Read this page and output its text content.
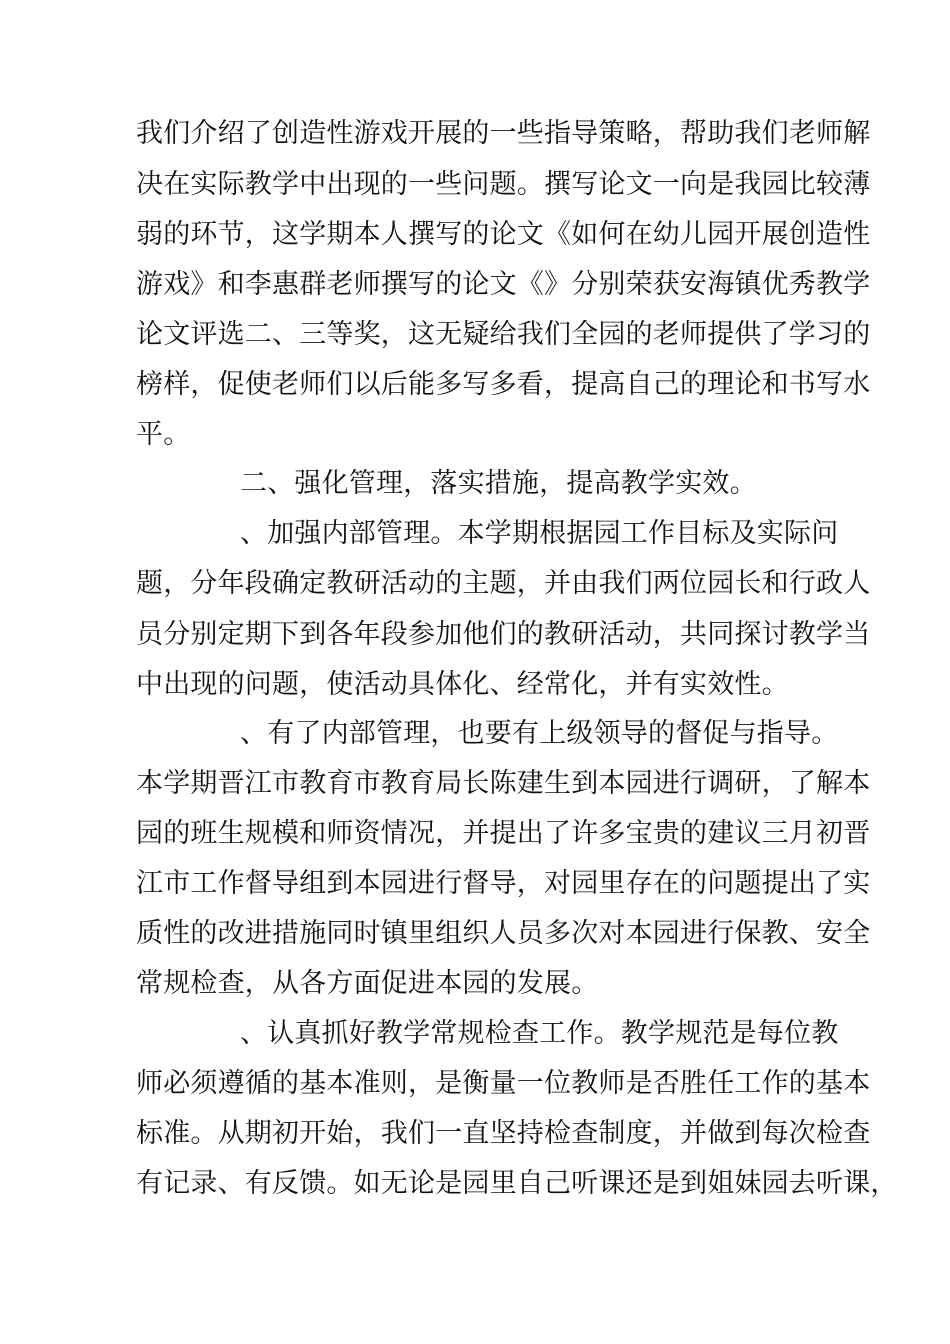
我们介绍了创造性游戏开展的一些指导策略，帮助我们老师解
决在实际教学中出现的一些问题。撰写论文一向是我园比较薄
弱的环节，这学期本人撰写的论文《如何在幼儿园开展创造性
游戏》和李惠群老师撰写的论文《》分别荣获安海镇优秀教学
论文评选二、三等奖，这无疑给我们全园的老师提供了学习的
榜样，促使老师们以后能多写多看，提高自己的理论和书写水
平。
二、强化管理，落实措施，提高教学实效。
、加强内部管理。本学期根据园工作目标及实际问
题，分年段确定教研活动的主题，并由我们两位园长和行政人
员分别定期下到各年段参加他们的教研活动，共同探讨教学当
中出现的问题，使活动具体化、经常化，并有实效性。
、有了内部管理，也要有上级领导的督促与指导。
本学期晋江市教育市教育局长陈建生到本园进行调研，了解本
园的班生规模和师资情况，并提出了许多宝贵的建议三月初晋
江市工作督导组到本园进行督导，对园里存在的问题提出了实
质性的改进措施同时镇里组织人员多次对本园进行保教、安全
常规检查，从各方面促进本园的发展。
、认真抓好教学常规检查工作。教学规范是每位教
师必须遵循的基本准则，是衡量一位教师是否胜任工作的基本
标准。从期初开始，我们一直坚持检查制度，并做到每次检查
有记录、有反馈。如无论是园里自己听课还是到姐妹园去听课，
